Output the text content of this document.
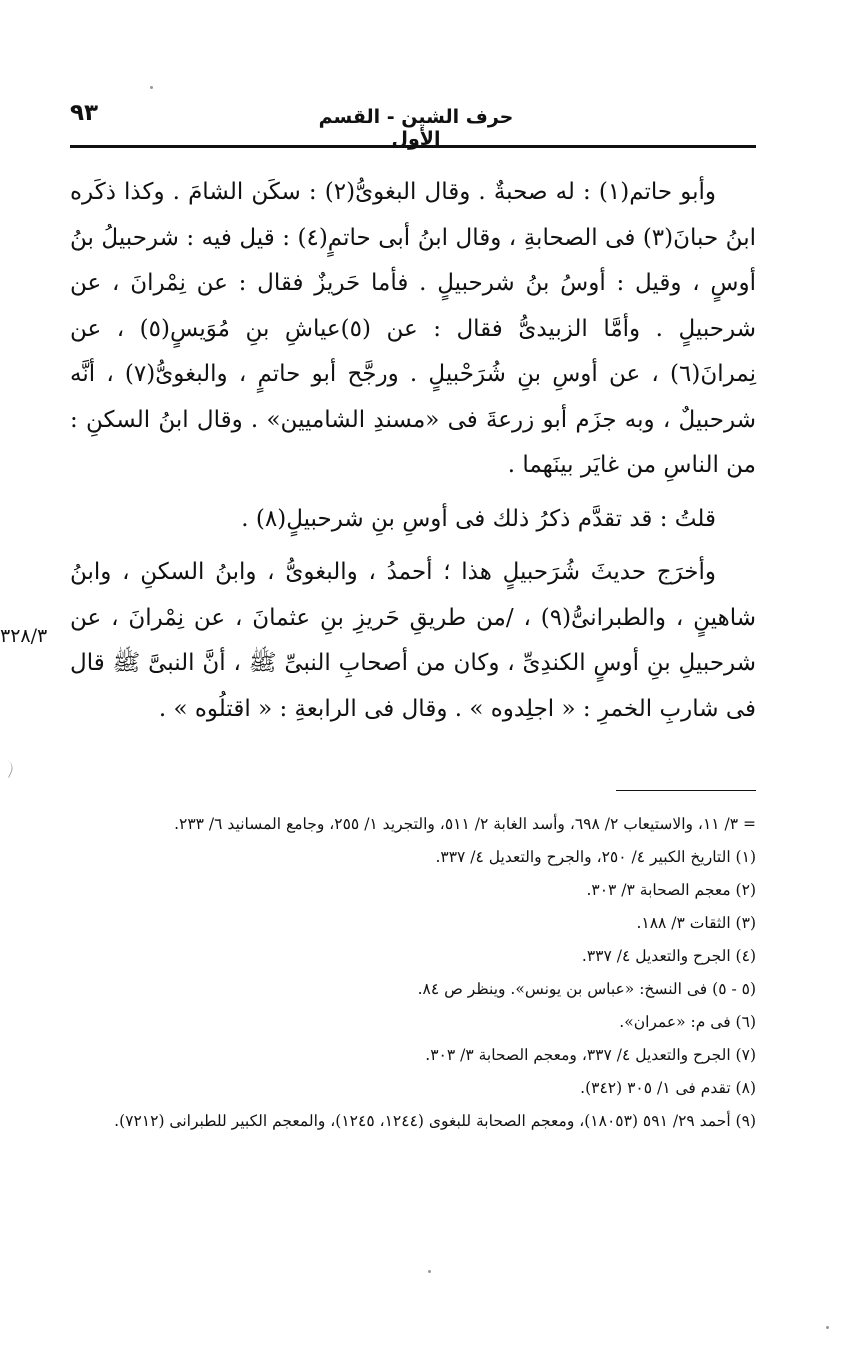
٩٣	حرف الشين - القسم الأول

وأبو حاتم(١) : له صحبةٌ . وقال البغوىُّ(٢) : سكَن الشامَ . وكذا ذكَره ابنُ حبانَ(٣) فى الصحابةِ ، وقال ابنُ أبى حاتمٍ(٤) : قيل فيه : شرحبيلُ بنُ أوسٍ ، وقيل : أوسُ بنُ شرحبيلٍ . فأما حَريزٌ فقال : عن نِمْرانَ ، عن شرحبيلٍ . وأمَّا الزبيدىُّ فقال : عن (٥)عياشِ بنِ مُوَيسٍ(٥) ، عن نِمرانَ(٦) ، عن أوسِ بنِ شُرَحْبيلٍ . ورجَّح أبو حاتمٍ ، والبغوىُّ(٧) ، أنَّه شرحبيلٌ ، وبه جزَم أبو زرعةَ فى «مسندِ الشاميين» . وقال ابنُ السكنِ : من الناسِ من غايَر بينَهما .

قلتُ : قد تقدَّم ذكرُ ذلك فى أوسِ بنِ شرحبيلٍ(٨) .

وأخرَج حديثَ شُرَحبيلٍ هذا ؛ أحمدُ ، والبغوىُّ ، وابنُ السكنِ ، وابنُ شاهينٍ ، والطبرانىُّ(٩) ، /من طريقِ حَريزِ بنِ عثمانَ ، عن نِمْرانَ ، عن شرحبيلِ بنِ أوسٍ الكندِىِّ ، وكان من أصحابِ النبىِّ ﷺ ، أنَّ النبىَّ ﷺ قال فى شاربِ الخمرِ : « اجلِدوه » . وقال فى الرابعةِ : « اقتلُوه » .

٣٢٨/٣

= ٣/ ١١، والاستيعاب ٢/ ٦٩٨، وأسد الغابة ٢/ ٥١١، والتجريد ١/ ٢٥٥، وجامع المسانيد ٦/ ٢٣٣.

(١) التاريخ الكبير ٤/ ٢٥٠، والجرح والتعديل ٤/ ٣٣٧.

(٢) معجم الصحابة ٣/ ٣٠٣.

(٣) الثقات ٣/ ١٨٨.

(٤) الجرح والتعديل ٤/ ٣٣٧.

(٥ - ٥) فى النسخ: «عباس بن يونس». وينظر ص ٨٤.

(٦) فى م: «عمران».

(٧) الجرح والتعديل ٤/ ٣٣٧، ومعجم الصحابة ٣/ ٣٠٣.

(٨) تقدم فى ١/ ٣٠٥ (٣٤٢).

(٩) أحمد ٢٩/ ٥٩١ (١٨٠٥٣)، ومعجم الصحابة للبغوى (١٢٤٤، ١٢٤٥)، والمعجم الكبير للطبرانى (٧٢١٢).
